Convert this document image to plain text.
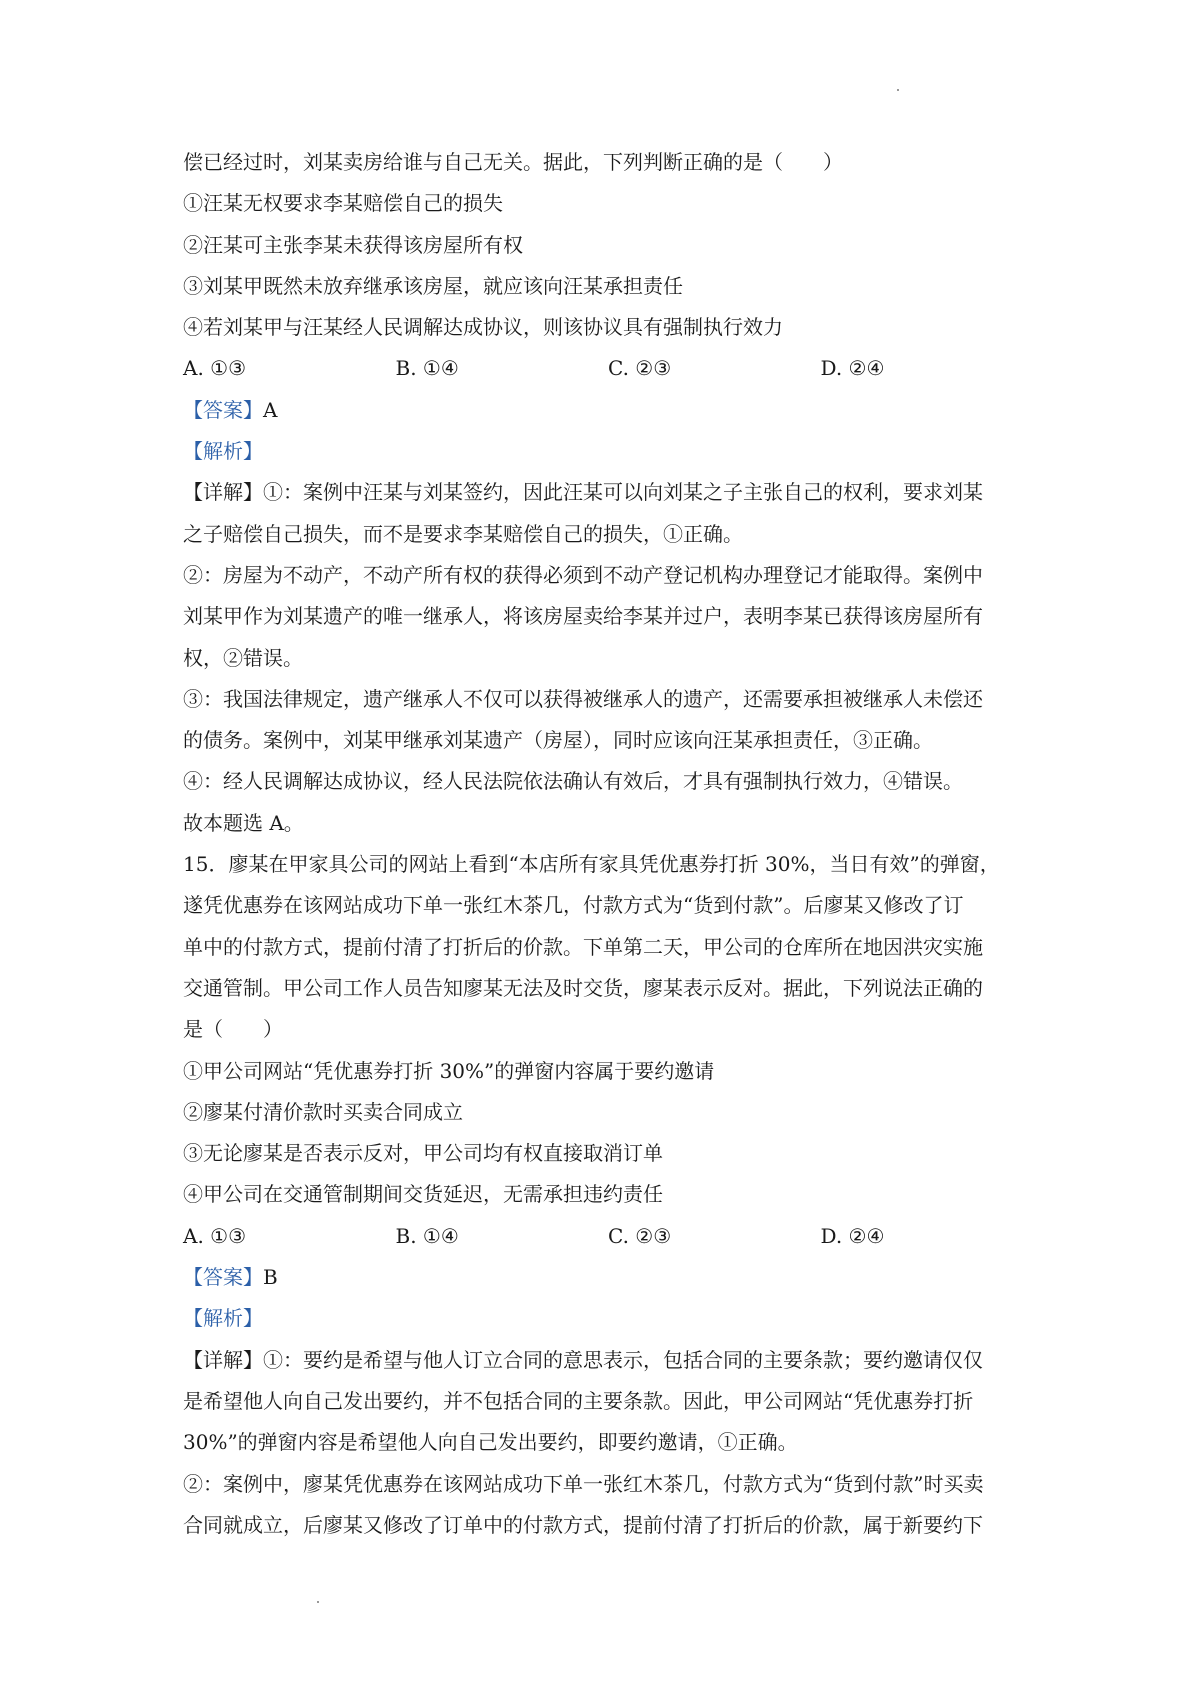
偿已经过时，刘某卖房给谁与自己无关。据此，下列判断正确的是（　　）
①汪某无权要求李某赔偿自己的损失
②汪某可主张李某未获得该房屋所有权
③刘某甲既然未放弃继承该房屋，就应该向汪某承担责任
④若刘某甲与汪某经人民调解达成协议，则该协议具有强制执行效力
A. ①③	B. ①④	C. ②③	D. ②④
【答案】A
【解析】
【详解】①：案例中汪某与刘某签约，因此汪某可以向刘某之子主张自己的权利，要求刘某
之子赔偿自己损失，而不是要求李某赔偿自己的损失，①正确。
②：房屋为不动产，不动产所有权的获得必须到不动产登记机构办理登记才能取得。案例中
刘某甲作为刘某遗产的唯一继承人，将该房屋卖给李某并过户，表明李某已获得该房屋所有
权，②错误。
③：我国法律规定，遗产继承人不仅可以获得被继承人的遗产，还需要承担被继承人未偿还
的债务。案例中，刘某甲继承刘某遗产（房屋），同时应该向汪某承担责任，③正确。
④：经人民调解达成协议，经人民法院依法确认有效后，才具有强制执行效力，④错误。
故本题选 A。
15．廖某在甲家具公司的网站上看到“本店所有家具凭优惠券打折 30%，当日有效”的弹窗，
遂凭优惠券在该网站成功下单一张红木茶几，付款方式为“货到付款”。后廖某又修改了订
单中的付款方式，提前付清了打折后的价款。下单第二天，甲公司的仓库所在地因洪灾实施
交通管制。甲公司工作人员告知廖某无法及时交货，廖某表示反对。据此，下列说法正确的
是（　　）
①甲公司网站“凭优惠券打折 30%”的弹窗内容属于要约邀请
②廖某付清价款时买卖合同成立
③无论廖某是否表示反对，甲公司均有权直接取消订单
④甲公司在交通管制期间交货延迟，无需承担违约责任
A. ①③	B. ①④	C. ②③	D. ②④
【答案】B
【解析】
【详解】①：要约是希望与他人订立合同的意思表示，包括合同的主要条款；要约邀请仅仅
是希望他人向自己发出要约，并不包括合同的主要条款。因此，甲公司网站“凭优惠券打折
30%”的弹窗内容是希望他人向自己发出要约，即要约邀请，①正确。
②：案例中，廖某凭优惠券在该网站成功下单一张红木茶几，付款方式为“货到付款”时买卖
合同就成立，后廖某又修改了订单中的付款方式，提前付清了打折后的价款，属于新要约下
